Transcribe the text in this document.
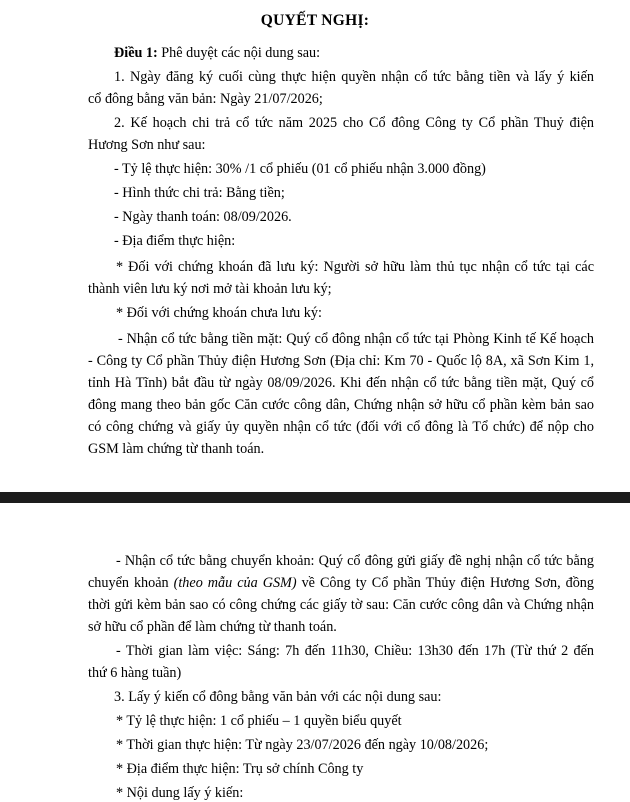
QUYẾT NGHỊ:
Điều 1: Phê duyệt các nội dung sau:
1. Ngày đăng ký cuối cùng thực hiện quyền nhận cổ tức bằng tiền và lấy ý kiến
cổ đông bằng văn bản: Ngày 21/07/2026;
2. Kế hoạch chi trả cổ tức năm 2025 cho Cổ đông Công ty Cổ phần Thuỷ điện
Hương Sơn như sau:
- Tỷ lệ thực hiện: 30% /1 cổ phiếu (01 cổ phiếu nhận 3.000 đồng)
- Hình thức chi trả: Bằng tiền;
- Ngày thanh toán: 08/09/2026.
- Địa điểm thực hiện:
* Đối với chứng khoán đã lưu ký: Người sở hữu làm thủ tục nhận cổ tức tại các
thành viên lưu ký nơi mở tài khoản lưu ký;
* Đối với chứng khoán chưa lưu ký:
- Nhận cổ tức bằng tiền mặt: Quý cổ đông nhận cổ tức tại Phòng Kinh tế Kế hoạch
- Công ty Cổ phần Thủy điện Hương Sơn (Địa chỉ: Km 70 - Quốc lộ 8A, xã Sơn Kim 1,
tỉnh Hà Tĩnh) bắt đầu từ ngày 08/09/2026. Khi đến nhận cổ tức bằng tiền mặt, Quý cổ
đông mang theo bản gốc Căn cước công dân, Chứng nhận sở hữu cổ phần kèm bản sao
có công chứng và giấy ủy quyền nhận cổ tức (đối với cổ đông là Tổ chức) để nộp cho
GSM làm chứng từ thanh toán.
- Nhận cổ tức bằng chuyển khoản: Quý cổ đông gửi giấy đề nghị nhận cổ tức bằng
chuyển khoản (theo mẫu của GSM) về Công ty Cổ phần Thủy điện Hương Sơn, đồng
thời gửi kèm bản sao có công chứng các giấy tờ sau: Căn cước công dân và Chứng nhận
sở hữu cổ phần để làm chứng từ thanh toán.
- Thời gian làm việc: Sáng: 7h đến 11h30, Chiều: 13h30 đến 17h (Từ thứ 2 đến
thứ 6 hàng tuần)
3. Lấy ý kiến cổ đông bằng văn bản với các nội dung sau:
* Tỷ lệ thực hiện: 1 cổ phiếu – 1 quyền biểu quyết
* Thời gian thực hiện: Từ ngày 23/07/2026 đến ngày 10/08/2026;
* Địa điểm thực hiện: Trụ sở chính Công ty
* Nội dung lấy ý kiến:
